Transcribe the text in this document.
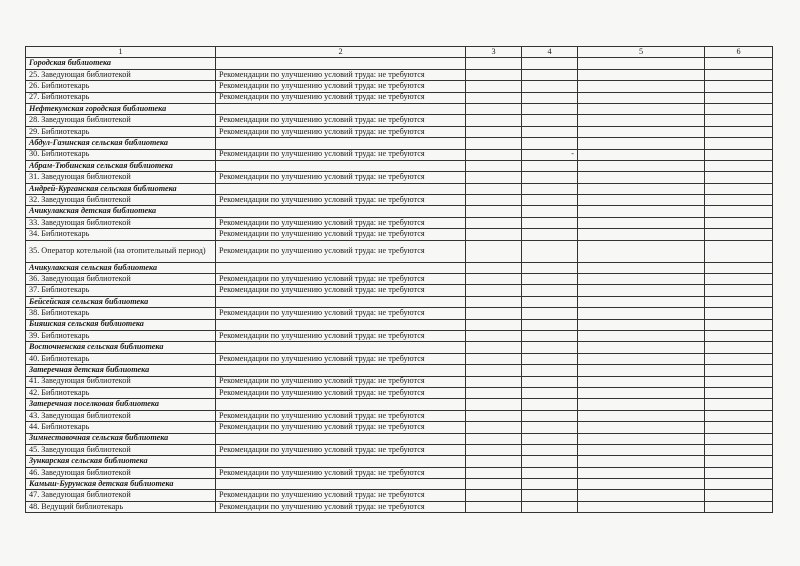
1	2	3	4	5	6
Городская библиотека					
25. Заведующая библиотекой	Рекомендации по улучшению условий труда: не требуются				
26. Библиотекарь	Рекомендации по улучшению условий труда: не требуются				
27. Библиотекарь	Рекомендации по улучшению условий труда: не требуются				
Нефтекумская городская библиотека					
28. Заведующая библиотекой	Рекомендации по улучшению условий труда: не требуются				
29. Библиотекарь	Рекомендации по улучшению условий труда: не требуются				
Абдул-Газинская сельская библиотека					
30. Библиотекарь	Рекомендации по улучшению условий труда: не требуются		-		
Абрам-Тюбинская сельская библиотека					
31. Заведующая библиотекой	Рекомендации по улучшению условий труда: не требуются				
Андрей-Курганская сельская библиотека					
32. Заведующая библиотекой	Рекомендации по улучшению условий труда: не требуются				
Ачикулакская детская библиотека					
33. Заведующая библиотекой	Рекомендации по улучшению условий труда: не требуются				
34. Библиотекарь	Рекомендации по улучшению условий труда: не требуются				
35. Оператор котельной (на отопительный период)	Рекомендации по улучшению условий труда: не требуются				
Ачикулакская сельская библиотека					
36. Заведующая библиотекой	Рекомендации по улучшению условий труда: не требуются				
37. Библиотекарь	Рекомендации по улучшению условий труда: не требуются				
Бейсейская сельская библиотека					
38. Библиотекарь	Рекомендации по улучшению условий труда: не требуются				
Бияшская сельская библиотека					
39. Библиотекарь	Рекомендации по улучшению условий труда: не требуются				
Восточненская сельская библиотека					
40. Библиотекарь	Рекомендации по улучшению условий труда: не требуются				
Затеречная детская библиотека					
41. Заведующая библиотекой	Рекомендации по улучшению условий труда: не требуются				
42. Библиотекарь	Рекомендации по улучшению условий труда: не требуются				
Затеречная поселковая библиотека					
43. Заведующая библиотекой	Рекомендации по улучшению условий труда: не требуются				
44. Библиотекарь	Рекомендации по улучшению условий труда: не требуются				
Зимнеставочная сельская библиотека					
45. Заведующая библиотекой	Рекомендации по улучшению условий труда: не требуются				
Зункарская сельская библиотека					
46. Заведующая библиотекой	Рекомендации по улучшению условий труда: не требуются				
Камыш-Бурунская детская библиотека					
47. Заведующая библиотекой	Рекомендации по улучшению условий труда: не требуются				
48. Ведущий библиотекарь	Рекомендации по улучшению условий труда: не требуются				
